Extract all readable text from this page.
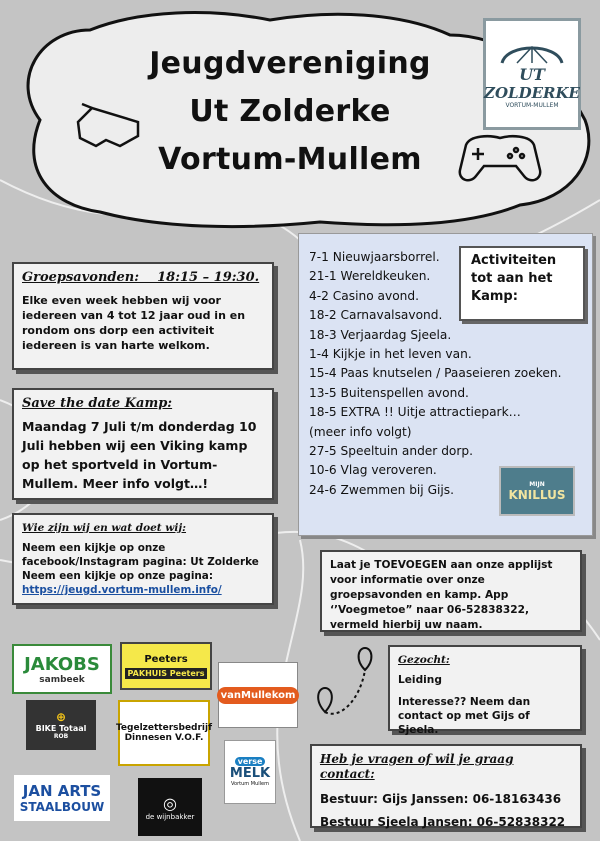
UT
ZOLDERKE
VORTUM-MULLEM
Jeugdvereniging
Ut Zolderke
Vortum-Mullem
Groepsavonden:    18:15 – 19:30.
Elke even week hebben wij voor iedereen van 4 tot 12 jaar oud in en rondom ons dorp een activiteit iedereen is van harte welkom.
Save the date Kamp:
Maandag 7 Juli t/m donderdag 10 Juli hebben wij een Viking kamp op het sportveld in Vortum-Mullem. Meer info volgt…!
Wie zijn wij en wat doet wij:
Neem een kijkje op onze facebook/Instagram pagina: Ut Zolderke Neem een kijkje op onze pagina:
https://jeugd.vortum-mullem.info/
7-1 Nieuwjaarsborrel.
21-1 Wereldkeuken.
4-2 Casino avond.
18-2 Carnavalsavond.
18-3 Verjaardag Sjeela.
1-4 Kijkje in het leven van.
15-4 Paas knutselen / Paaseieren zoeken.
13-5 Buitenspellen avond.
18-5 EXTRA !! Uitje attractiepark… (meer info volgt)
27-5 Speeltuin ander dorp.
10-6 Vlag veroveren.
24-6 Zwemmen bij Gijs.
Activiteiten tot aan het Kamp:
MIJN
KNILLUS
Laat je TOEVOEGEN aan onze applijst voor informatie over onze groepsavonden en kamp. App ‘’Voegmetoe” naar 06-52838322, vermeld hierbij uw naam.
Gezocht:
Leiding
Interesse?? Neem dan contact op met Gijs of Sjeela.
Heb je vragen of wil je graag contact:
Bestuur: Gijs Janssen: 06-18163436
Bestuur Sjeela Jansen: 06-52838322
JAKOBS
sambeek
Peeters
PAKHUIS Peeters
vanMullekom
⊕
BIKE Totaal
ROB
Tegelzettersbedrijf
Dinnesen V.O.F.
JAN ARTS
STAALBOUW	◎
de wijnbakker
verse
MELK
Vortum Mullem
